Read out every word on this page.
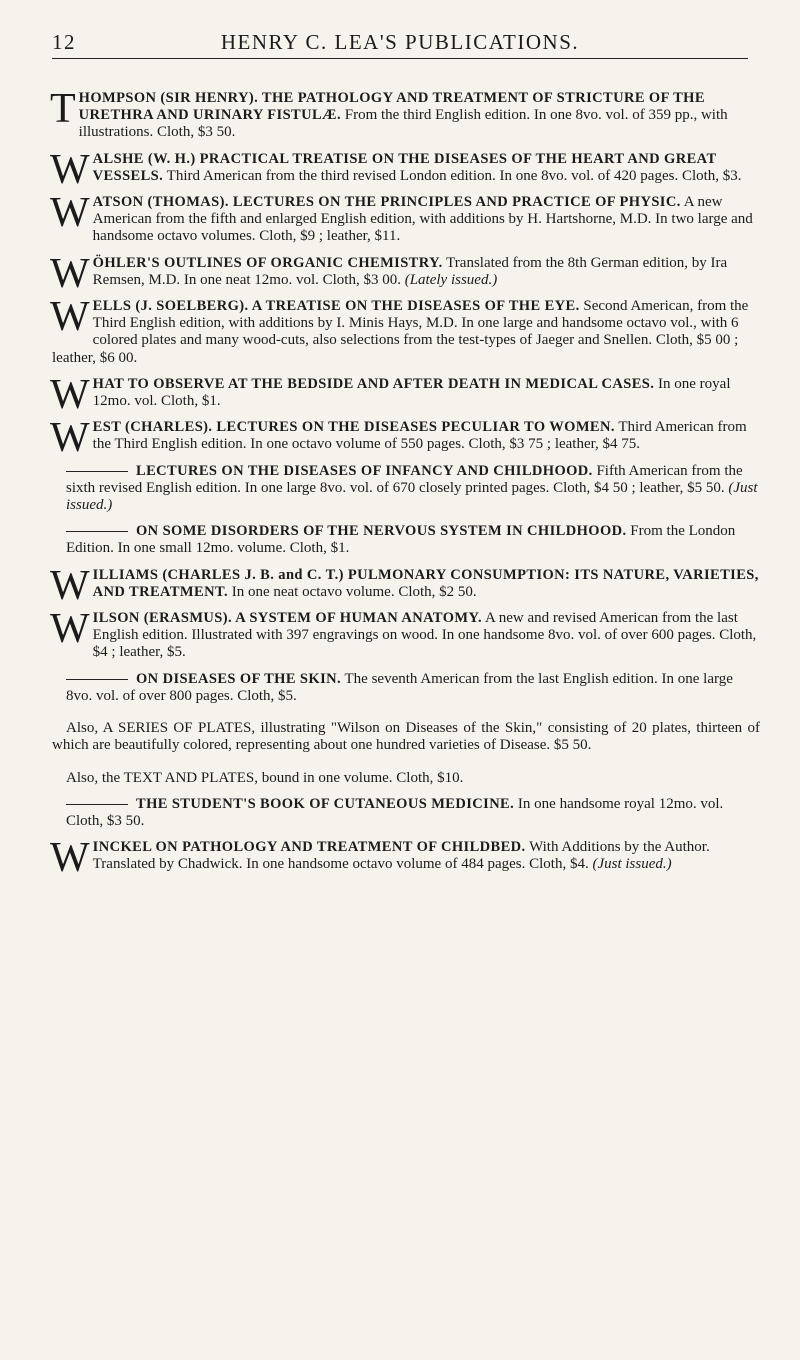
12	HENRY C. LEA'S PUBLICATIONS.
T HOMPSON (SIR HENRY). THE PATHOLOGY AND TREATMENT OF STRICTURE OF THE URETHRA AND URINARY FISTULÆ. From the third English edition. In one 8vo. vol. of 359 pp., with illustrations. Cloth, $3 50.
W ALSHE (W. H.) PRACTICAL TREATISE ON THE DISEASES OF THE HEART AND GREAT VESSELS. Third American from the third revised London edition. In one 8vo. vol. of 420 pages. Cloth, $3.
W ATSON (THOMAS). LECTURES ON THE PRINCIPLES AND PRACTICE OF PHYSIC. A new American from the fifth and enlarged English edition, with additions by H. Hartshorne, M.D. In two large and handsome octavo volumes. Cloth, $9 ; leather, $11.
W ÖHLER'S OUTLINES OF ORGANIC CHEMISTRY. Translated from the 8th German edition, by Ira Remsen, M.D. In one neat 12mo. vol. Cloth, $3 00. (Lately issued.)
W ELLS (J. SOELBERG). A TREATISE ON THE DISEASES OF THE EYE. Second American, from the Third English edition, with additions by I. Minis Hays, M.D. In one large and handsome octavo vol., with 6 colored plates and many wood-cuts, also selections from the test-types of Jaeger and Snellen. Cloth, $5 00 ; leather, $6 00.
W HAT TO OBSERVE AT THE BEDSIDE AND AFTER DEATH IN MEDICAL CASES. In one royal 12mo. vol. Cloth, $1.
W EST (CHARLES). LECTURES ON THE DISEASES PECULIAR TO WOMEN. Third American from the Third English edition. In one octavo volume of 550 pages. Cloth, $3 75 ; leather, $4 75.
LECTURES ON THE DISEASES OF INFANCY AND CHILDHOOD. Fifth American from the sixth revised English edition. In one large 8vo. vol. of 670 closely printed pages. Cloth, $4 50 ; leather, $5 50. (Just issued.)
ON SOME DISORDERS OF THE NERVOUS SYSTEM IN CHILDHOOD. From the London Edition. In one small 12mo. volume. Cloth, $1.
W ILLIAMS (CHARLES J. B. and C. T.) PULMONARY CONSUMPTION: ITS NATURE, VARIETIES, AND TREATMENT. In one neat octavo volume. Cloth, $2 50.
W ILSON (ERASMUS). A SYSTEM OF HUMAN ANATOMY. A new and revised American from the last English edition. Illustrated with 397 engravings on wood. In one handsome 8vo. vol. of over 600 pages. Cloth, $4 ; leather, $5.
ON DISEASES OF THE SKIN. The seventh American from the last English edition. In one large 8vo. vol. of over 800 pages. Cloth, $5.

Also, A SERIES OF PLATES, illustrating "Wilson on Diseases of the Skin," consisting of 20 plates, thirteen of which are beautifully colored, representing about one hundred varieties of Disease. $5 50.

Also, the TEXT AND PLATES, bound in one volume. Cloth, $10.

THE STUDENT'S BOOK OF CUTANEOUS MEDICINE. In one handsome royal 12mo. vol. Cloth, $3 50.
W INCKEL ON PATHOLOGY AND TREATMENT OF CHILDBED. With Additions by the Author. Translated by Chadwick. In one handsome octavo volume of 484 pages. Cloth, $4. (Just issued.)
